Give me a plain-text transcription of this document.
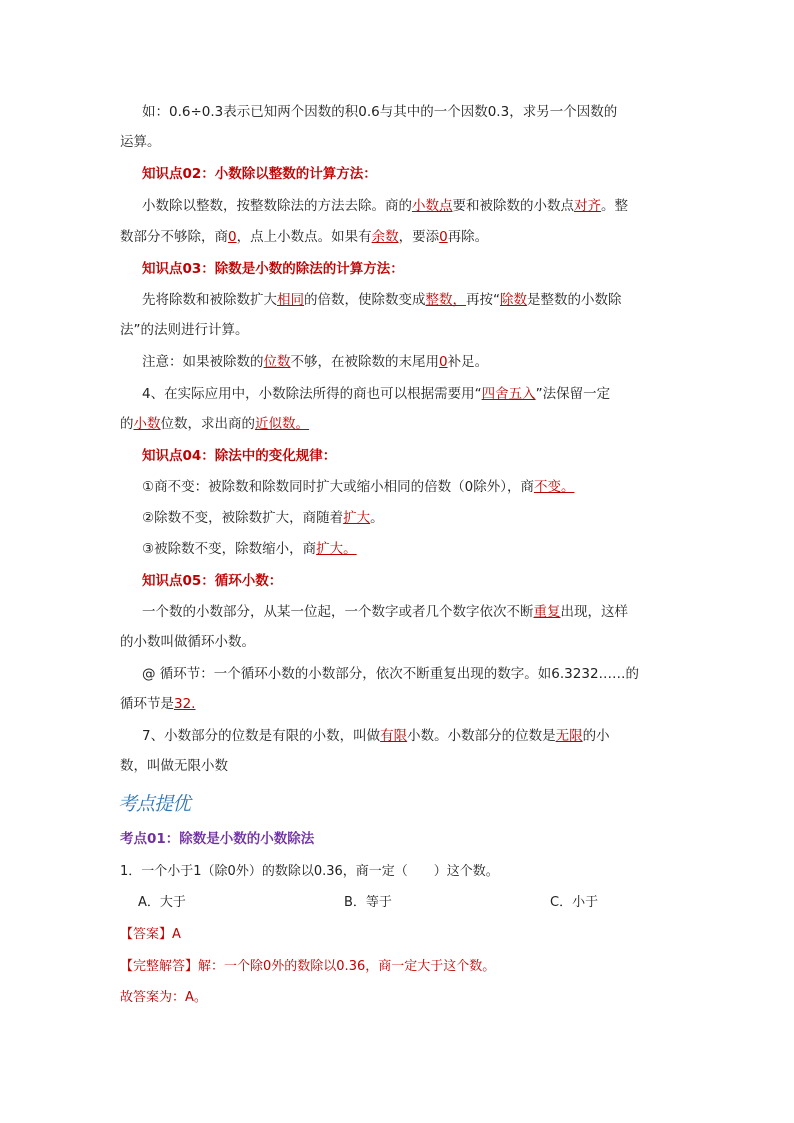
如：0.6÷0.3表示已知两个因数的积0.6与其中的一个因数0.3，求另一个因数的
运算。
知识点02：小数除以整数的计算方法：
小数除以整数，按整数除法的方法去除。商的小数点要和被除数的小数点对齐。整
数部分不够除，商0，点上小数点。如果有余数，要添0再除。
知识点03：除数是小数的除法的计算方法：
先将除数和被除数扩大相同的倍数，使除数变成整数，再按“除数是整数的小数除
法”的法则进行计算。
注意：如果被除数的位数不够，在被除数的末尾用0补足。
4、在实际应用中，小数除法所得的商也可以根据需要用“四舍五入”法保留一定
的小数位数，求出商的近似数。
知识点04：除法中的变化规律：
①商不变：被除数和除数同时扩大或缩小相同的倍数（0除外），商不变。
②除数不变，被除数扩大，商随着扩大。
③被除数不变，除数缩小，商扩大。
知识点05：循环小数：
一个数的小数部分，从某一位起，一个数字或者几个数字依次不断重复出现，这样
的小数叫做循环小数。
@ 循环节：一个循环小数的小数部分，依次不断重复出现的数字。如6.3232……的
循环节是32.
7、小数部分的位数是有限的小数，叫做有限小数。小数部分的位数是无限的小
数，叫做无限小数
考点提优
考点01：除数是小数的小数除法
1．一个小于1（除0外）的数除以0.36，商一定（　　）这个数。
A．大于	B．等于	C．小于
【答案】A
【完整解答】解：一个除0外的数除以0.36，商一定大于这个数。
故答案为：A。
